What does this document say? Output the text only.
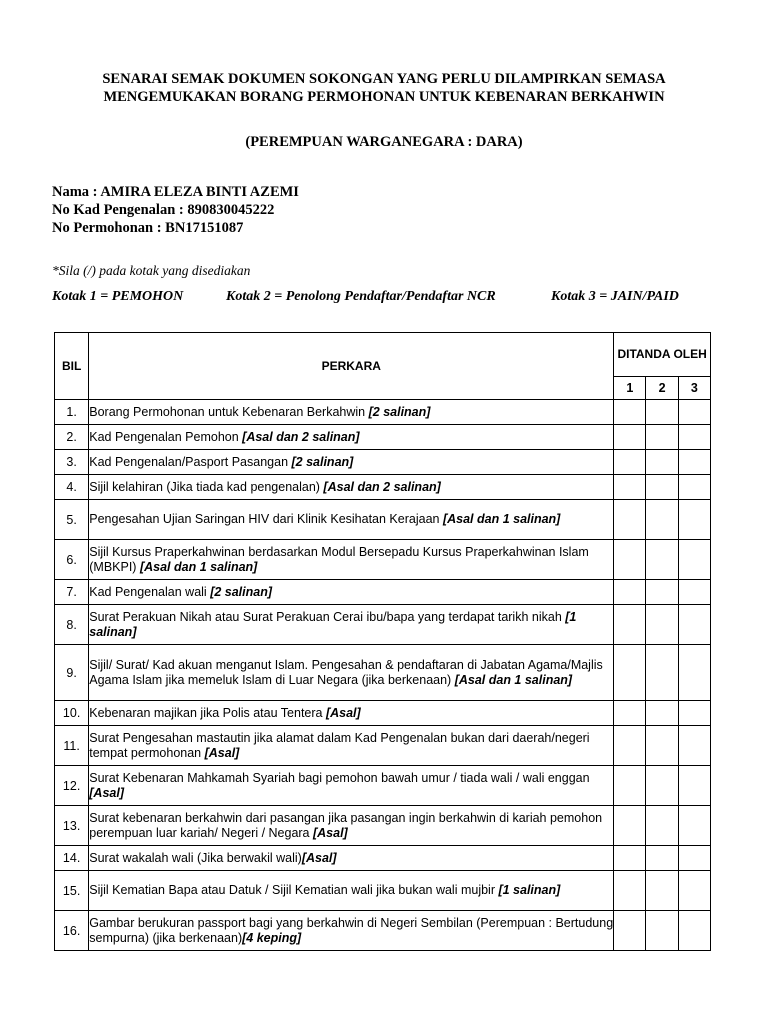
SENARAI SEMAK DOKUMEN SOKONGAN YANG PERLU DILAMPIRKAN SEMASA
MENGEMUKAKAN BORANG PERMOHONAN UNTUK KEBENARAN BERKAHWIN
(PEREMPUAN WARGANEGARA : DARA)
Nama : AMIRA ELEZA BINTI AZEMI
No Kad Pengenalan : 890830045222
No Permohonan : BN17151087
*Sila (/) pada kotak yang disediakan
Kotak 1 = PEMOHON	Kotak 2 = Penolong Pendaftar/Pendaftar NCR	Kotak 3 = JAIN/PAID
BIL	PERKARA	DITANDA OLEH		
		1	2	3
1.	Borang Permohonan untuk Kebenaran Berkahwin [2 salinan]			
2.	Kad Pengenalan Pemohon [Asal dan 2 salinan]			
3.	Kad Pengenalan/Pasport Pasangan [2 salinan]			
4.	Sijil kelahiran (Jika tiada kad pengenalan) [Asal dan 2 salinan]			
5.	Pengesahan Ujian Saringan HIV dari Klinik Kesihatan Kerajaan [Asal dan 1 salinan]			
6.	Sijil Kursus Praperkahwinan berdasarkan Modul Bersepadu Kursus Praperkahwinan Islam (MBKPI) [Asal dan 1 salinan]			
7.	Kad Pengenalan wali [2 salinan]			
8.	Surat Perakuan Nikah atau Surat Perakuan Cerai ibu/bapa yang terdapat tarikh nikah [1 salinan]			
9.	Sijil/ Surat/ Kad akuan menganut Islam. Pengesahan & pendaftaran di Jabatan Agama/Majlis Agama Islam jika memeluk Islam di Luar Negara (jika berkenaan) [Asal dan 1 salinan]			
10.	Kebenaran majikan jika Polis atau Tentera [Asal]			
11.	Surat Pengesahan mastautin jika alamat dalam Kad Pengenalan bukan dari daerah/negeri tempat permohonan [Asal]			
12.	Surat Kebenaran Mahkamah Syariah bagi pemohon bawah umur / tiada wali / wali enggan [Asal]			
13.	Surat kebenaran berkahwin dari pasangan jika pasangan ingin berkahwin di kariah pemohon perempuan luar kariah/ Negeri / Negara [Asal]			
14.	Surat wakalah wali (Jika berwakil wali)[Asal]			
15.	Sijil Kematian Bapa atau Datuk / Sijil Kematian wali jika bukan wali mujbir [1 salinan]			
16.	Gambar berukuran passport bagi yang berkahwin di Negeri Sembilan (Perempuan : Bertudung sempurna) (jika berkenaan)[4 keping]			
